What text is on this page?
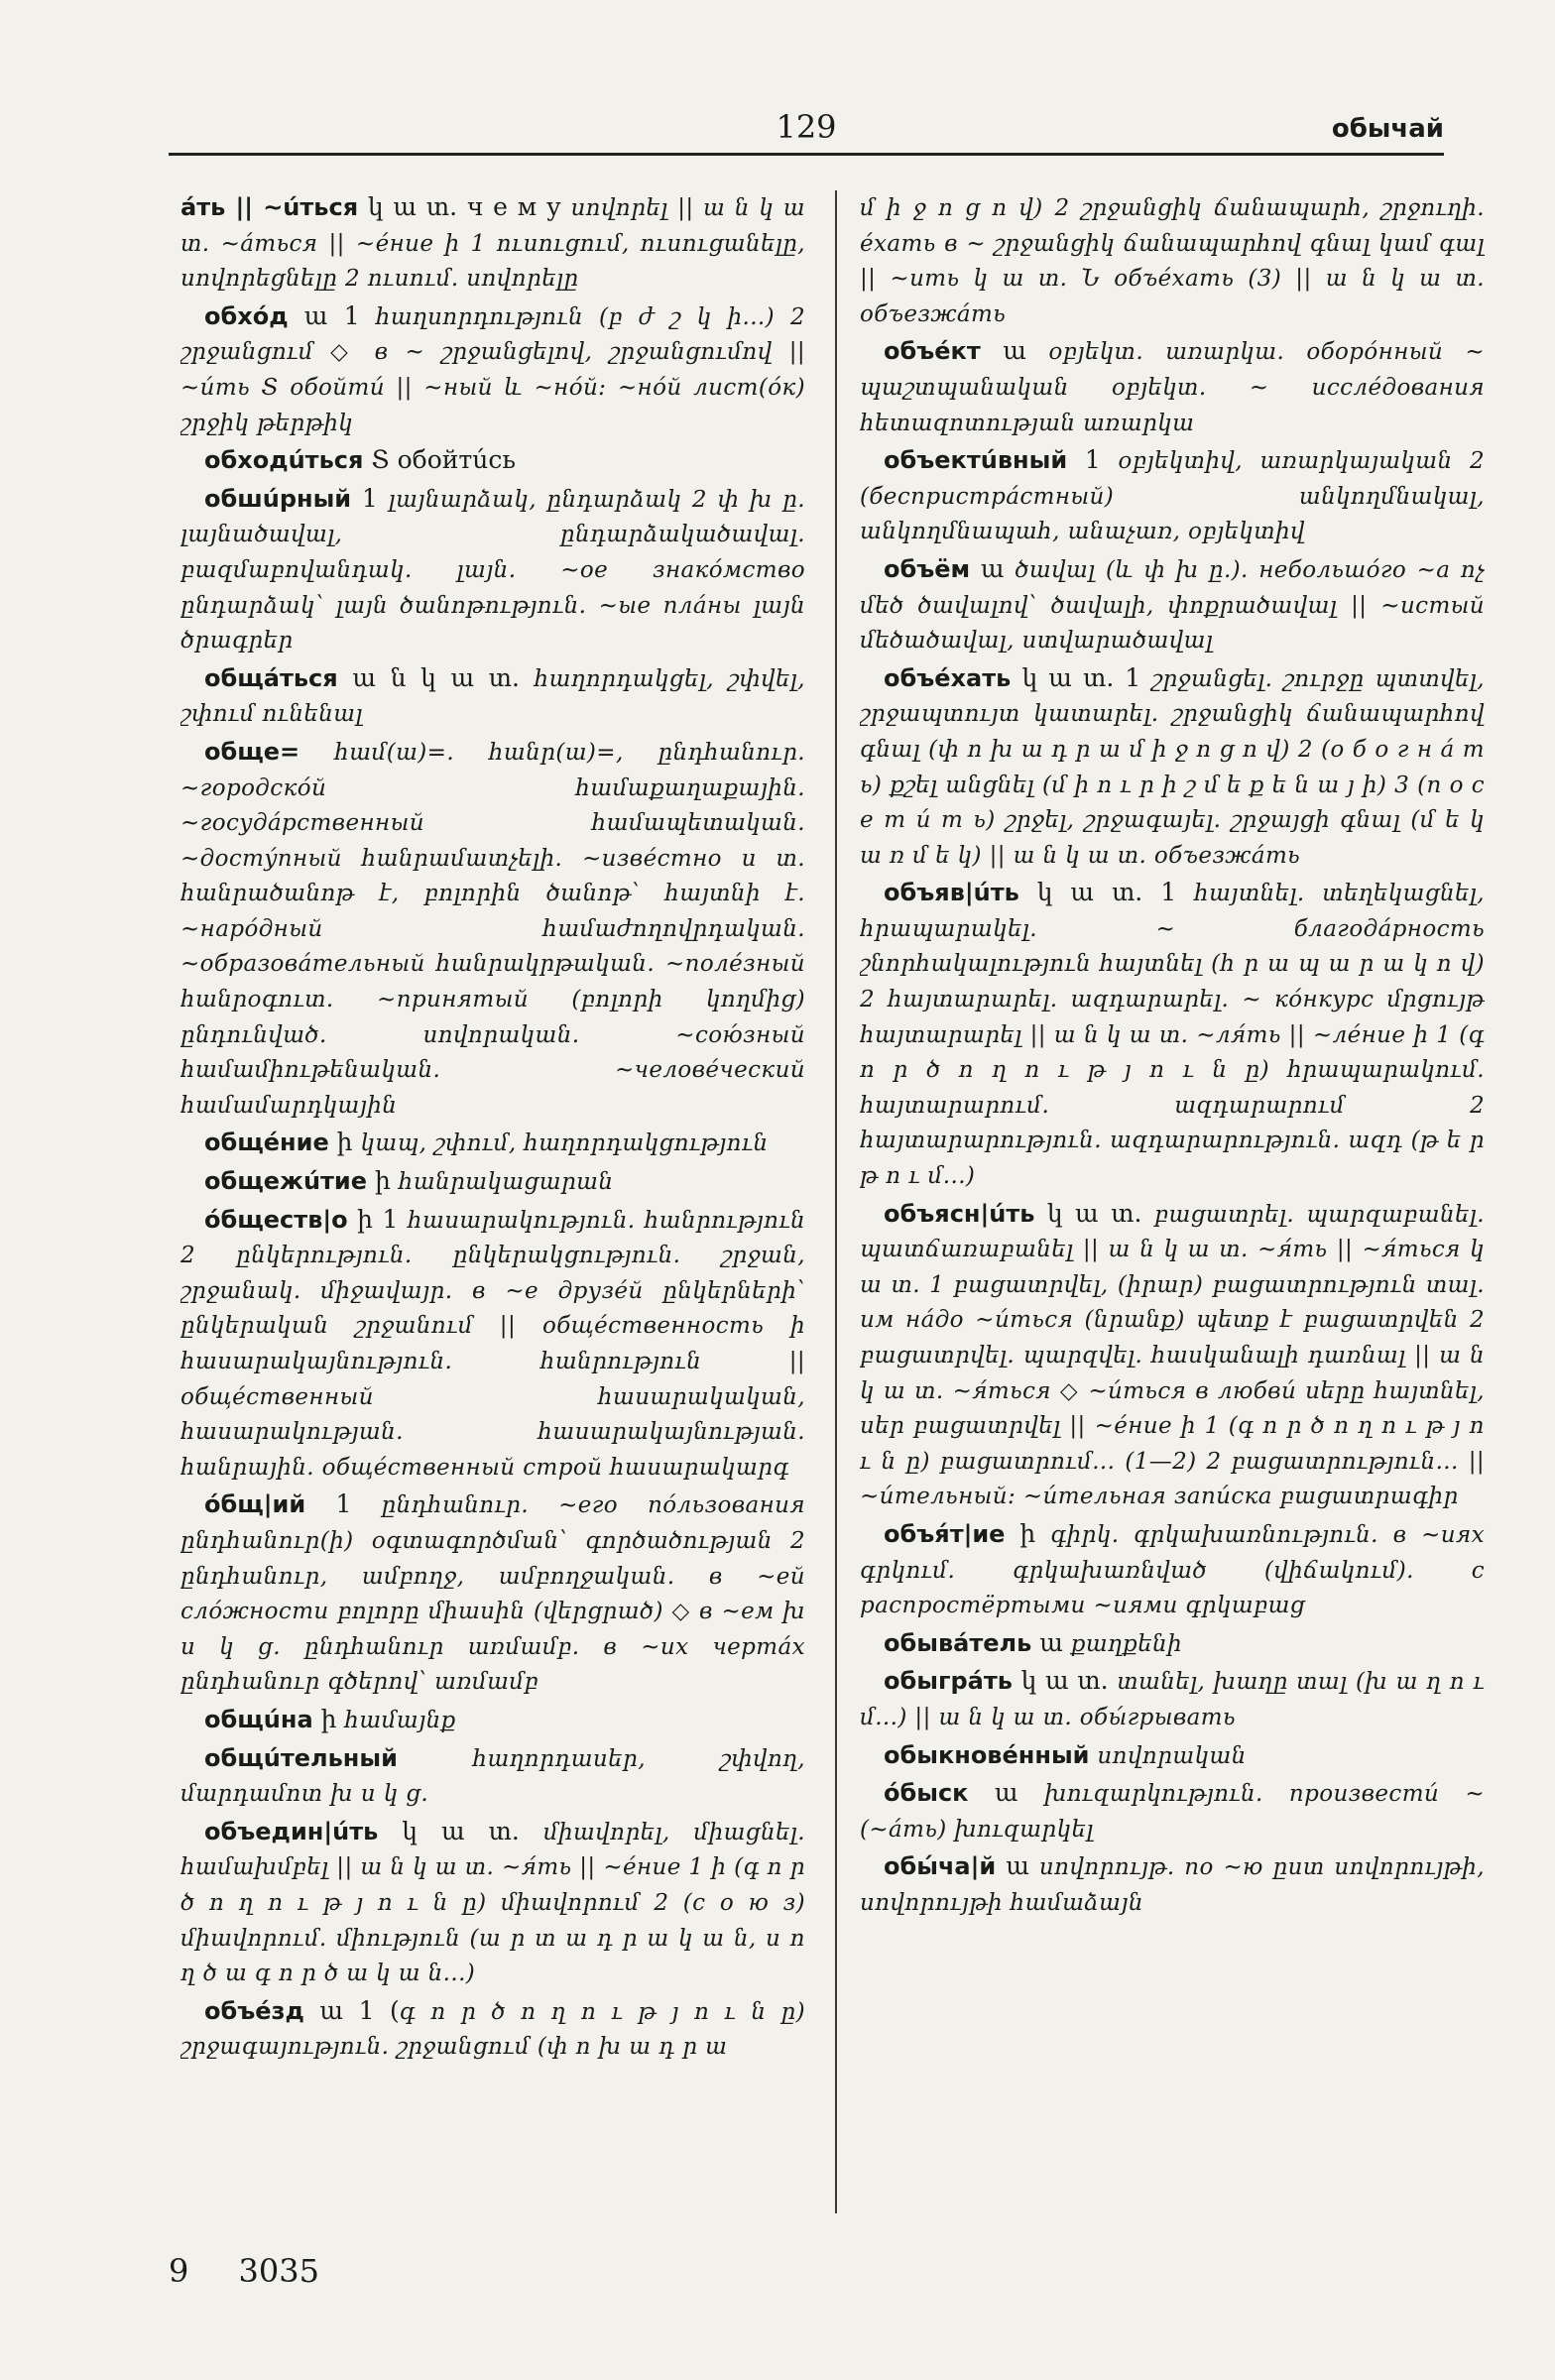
129	обычай

áть || ~úться կ ա տ. ч е м у սովորել || ա ն կ ա տ. ~áться || ~éние ի 1 ուսուցում, ուսուցանելը, սովորեցնելը 2 ուսում. սովորելը

обхóд ա 1 հաղսորդություն (բ ժ շ կ ի...) 2 շրջանցում ◇ в ~ շրջանցելով, շրջանցումով || ~úть Տ обойтú || ~ный և ~нóй: ~нóй лист(óк) շրջիկ թերթիկ

обходúться Տ обойтúсь

обшúрный 1 լայնարձակ, ընդարձակ 2 փ խ ը. լայնածավալ, ընդարձակածավալ. բազմաբովանդակ. լայն. ~ое знакóмство ընդարձակ՝ լայն ծանոթություն. ~ые плáны լայն ծրագրեր

общáться ա ն կ ա տ. հաղորդակցել, շփվել, շփում ունենալ

обще= համ(ա)=. հանր(ա)=, ընդհանուր. ~городскóй համաքաղաքային. ~госудáрственный համապետական. ~достýпный հանրամատչելի. ~извéстно ս տ. հանրածանոթ է, բոլորին ծանոթ՝ հայտնի է. ~нарóдный համաժողովրդական. ~образовáтельный հանրակրթական. ~полéзный հանրօգուտ. ~принятый (բոլորի կողմից) ընդունված. սովորական. ~сою́зный համամիութենական. ~человéческий համամարդկային

общéние ի կապ, շփում, հաղորդակցություն

общежúтие ի հանրակացարան

óбществ|о ի 1 հասարակություն. հանրություն 2 ընկերություն. ընկերակցություն. շրջան, շրջանակ. միջավայր. в ~е друзéй ընկերների՝ ընկերական շրջանում || общéственность ի հասարակայնություն. հանրություն || общéственный հասարակական, հասարակության. հասարակայնության. հանրային. общéственный строй հասարակարգ

óбщ|ий 1 ընդհանուր. ~его пóльзования ընդհանուր(ի) օգտագործման՝ գործածության 2 ընդհանուր, ամբողջ, ամբողջական. в ~ей слóжности բոլորը միասին (վերցրած) ◇ в ~ем խ ս կ ց. ընդհանուր առմամբ. в ~их чертáх ընդհանուր գծերով՝ առմամբ

общúна ի համայնք

общúтельный	հաղորդասեր, շփվող, մարդամոտ խ ս կ ց.

объедин|úть կ ա տ. միավորել, միացնել. համախմբել || ա ն կ ա տ. ~я́ть || ~éние 1 ի (գ ո ր ծ ո ղ ո ւ թ յ ո ւ ն ը) միավորում 2 (с о ю з) միավորում. միություն (ա ր տ ա դ ր ա կ ա ն, ս ո ղ ծ ա գ ո ր ծ ա կ ա ն...)

объéзд ա 1 (գ ո ր ծ ո ղ ո ւ թ յ ո ւ ն ը) շրջագայություն. շրջանցում (փ ո խ ա դ ր ա

մ ի ջ ո ց ո վ) 2 շրջանցիկ ճանապարհ, շրջուղի. éхать в ~ շրջանցիկ ճանապարհով գնալ կամ գալ || ~ить կ ա տ. Ն объéхать (3) || ա ն կ ա տ. объезжáть

объéкт ա օբյեկտ. առարկա. оборóнный ~ պաշտպանական օբյեկտ. ~ исслéдования հետազոտության առարկա

объектúвный 1 օբյեկտիվ, առարկայական 2 (беспристрáстный) անկողմնակալ, անկողմնապահ, անաչառ, օբյեկտիվ

объём ա ծավալ (և փ խ ը.). небольшóго ~а ոչ մեծ ծավալով՝ ծավալի, փոքրածավալ || ~истый մեծածավալ, ստվարածավալ

объéхать կ ա տ. 1 շրջանցել. շուրջը պտտվել, շրջապտույտ կատարել. շրջանցիկ ճանապարհով գնալ (փ ո խ ա դ ր ա մ ի ջ ո ց ո վ) 2 (о б о г н á т ь) քշել անցնել (մ ի ո ւ ր ի շ մ ե ք ե ն ա յ ի) 3 (п о с е т ú т ь) շրջել, շրջագայել. շրջայցի գնալ (մ ե կ ա ռ մ ե կ) || ա ն կ ա տ. объезжáть

объяв|úть կ ա տ. 1 հայտնել. տեղեկացնել, հրապարակել. ~ благодáрность շնորհակալություն հայտնել (հ ր ա պ ա ր ա կ ո վ) 2 հայտարարել. ազդարարել. ~ кóнкурс մրցույթ հայտարարել || ա ն կ ա տ. ~ля́ть || ~лéние ի 1 (գ ո ր ծ ո ղ ո ւ թ յ ո ւ ն ը) հրապարակում. հայտարարում. ազդարարում 2 հայտարարություն. ազդարարություն. ազդ (թ ե ր թ ո ւ մ...)

объясн|úть կ ա տ. բացատրել. պարզաբանել. պատճառաբանել || ա ն կ ա տ. ~я́ть || ~я́ться կ ա տ. 1 բացատրվել, (իրար) բացատրություն տալ. им нáдо ~úться (նրանք) պետք է բացատրվեն 2 բացատրվել. պարզվել. հասկանալի դառնալ || ա ն կ ա տ. ~я́ться ◇ ~úться в любвú սերը հայտնել, սեր բացատրվել || ~éние ի 1 (գ ո ր ծ ո ղ ո ւ թ յ ո ւ ն ը) բացատրում... (1—2) 2 բացատրություն... || ~úтельный: ~úтельная запúска բացատրագիր

объя́т|ие ի գիրկ. գրկախառնություն. в ~иях գրկում. գրկախառնված (վիճակում). с распростёртыми ~иями գրկաբաց

обывáтель ա քաղքենի

обыгрáть կ ա տ. տանել, խաղը տալ (խ ա ղ ո ւ մ...) || ա ն կ ա տ. обы́грывать

обыкновéнный սովորական

óбыск ա խուզարկություն. произвестú ~ (~áть) խուզարկել

обы́ча|й ա սովորույթ. по ~ю ըստ սովորույթի, սովորույթի համաձայն

9 3035
